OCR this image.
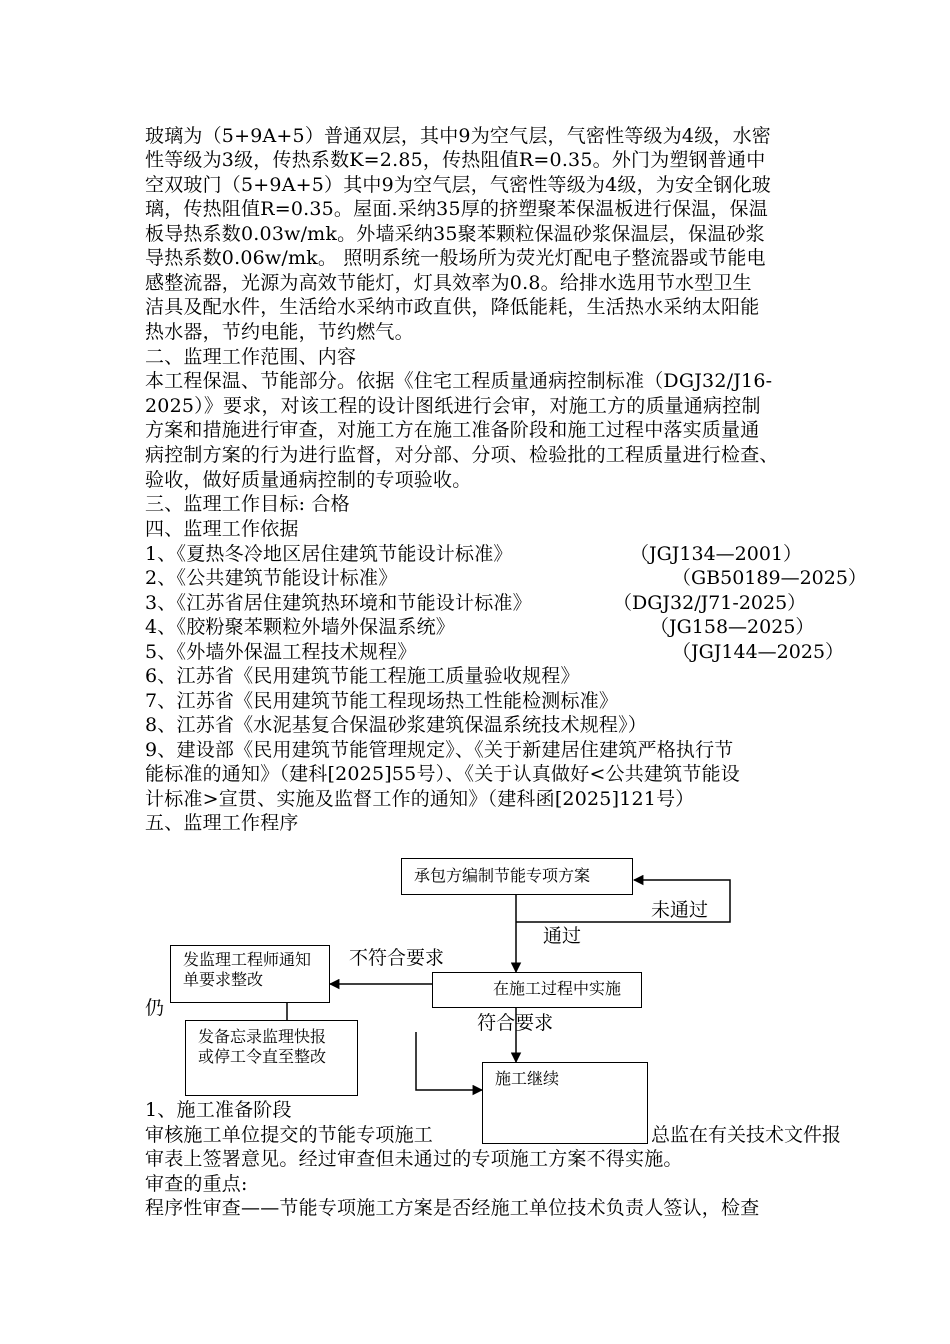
玻璃为（5+9A+5）普通双层，其中9为空气层，气密性等级为4级，水密
性等级为3级，传热系数K=2.85，传热阻值R=0.35。外门为塑钢普通中
空双玻门（5+9A+5）其中9为空气层，气密性等级为4级，为安全钢化玻
璃，传热阻值R=0.35。屋面.采纳35厚的挤塑聚苯保温板进行保温，保温
板导热系数0.03w/mk。外墙采纳35聚苯颗粒保温砂浆保温层，保温砂浆
导热系数0.06w/mk。 照明系统一般场所为荧光灯配电子整流器或节能电
感整流器，光源为高效节能灯，灯具效率为0.8。给排水选用节水型卫生
洁具及配水件，生活给水采纳市政直供，降低能耗，生活热水采纳太阳能
热水器，节约电能，节约燃气。
二、监理工作范围、内容
本工程保温、节能部分。依据《住宅工程质量通病控制标准（DGJ32/J16-
2025）》要求，对该工程的设计图纸进行会审，对施工方的质量通病控制
方案和措施进行审查，对施工方在施工准备阶段和施工过程中落实质量通
病控制方案的行为进行监督，对分部、分项、检验批的工程质量进行检查、
验收，做好质量通病控制的专项验收。
三、监理工作目标: 合格
四、监理工作依据
1、《夏热冬冷地区居住建筑节能设计标准》	（JGJ134—2001）
2、《公共建筑节能设计标准》	（GB50189—2025）
3、《江苏省居住建筑热环境和节能设计标准》	（DGJ32/J71-2025）
4、《胶粉聚苯颗粒外墙外保温系统》	（JG158—2025）
5、《外墙外保温工程技术规程》	（JGJ144—2025）
6、江苏省《民用建筑节能工程施工质量验收规程》
7、江苏省《民用建筑节能工程现场热工性能检测标准》
8、江苏省《水泥基复合保温砂浆建筑保温系统技术规程》）
9、建设部《民用建筑节能管理规定》、《关于新建居住建筑严格执行节
能标准的通知》（建科[2025]55号）、《关于认真做好<公共建筑节能设
计标准>宣贯、实施及监督工作的通知》（建科函[2025]121号）
五、监理工作程序
承包方编制节能专项方案
在施工过程中实施
发监理工程师通知
单要求整改
发备忘录监理快报
或停工令直至整改
施工继续
未通过
通过
不符合要求

符合要求

仍
1、施工准备阶段
审核施工单位提交的节能专项施工	总监在有关技术文件报
审表上签署意见。经过审查但未通过的专项施工方案不得实施。
审查的重点:
程序性审查——节能专项施工方案是否经施工单位技术负责人签认，检查
